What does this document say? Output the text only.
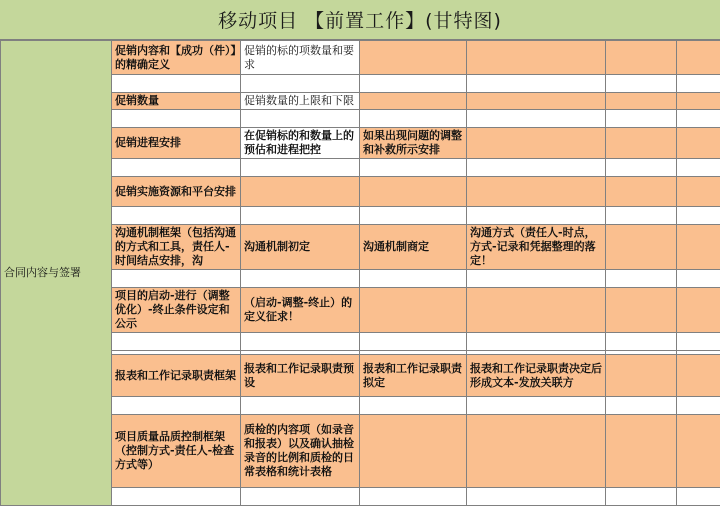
移动项目 【前置工作】(甘特图)
合同内容与签署	促销内容和【成功（件）】的精确定义	促销的标的项数量和要求				

	促销数量	促销数量的上限和下限				

	促销进程安排	在促销标的和数量上的预估和进程把控	如果出现问题的调整和补救所示安排			

	促销实施资源和平台安排					

	沟通机制框架（包括沟通的方式和工具，责任人-时间结点安排，沟	沟通机制初定	沟通机制商定	沟通方式（责任人-时点，方式-记录和凭据整理的落定！		

	项目的启动-进行（调整优化）-终止条件设定和公示	（启动-调整-终止）的定义征求！				

	报表和工作记录职责框架	报表和工作记录职责预设	报表和工作记录职责拟定	报表和工作记录职责决定后形成文本-发放关联方		

	项目质量品质控制框架（控制方式-责任人-检查方式等）	质检的内容项（如录音和报表）以及确认抽检录音的比例和质检的日常表格和统计表格				
